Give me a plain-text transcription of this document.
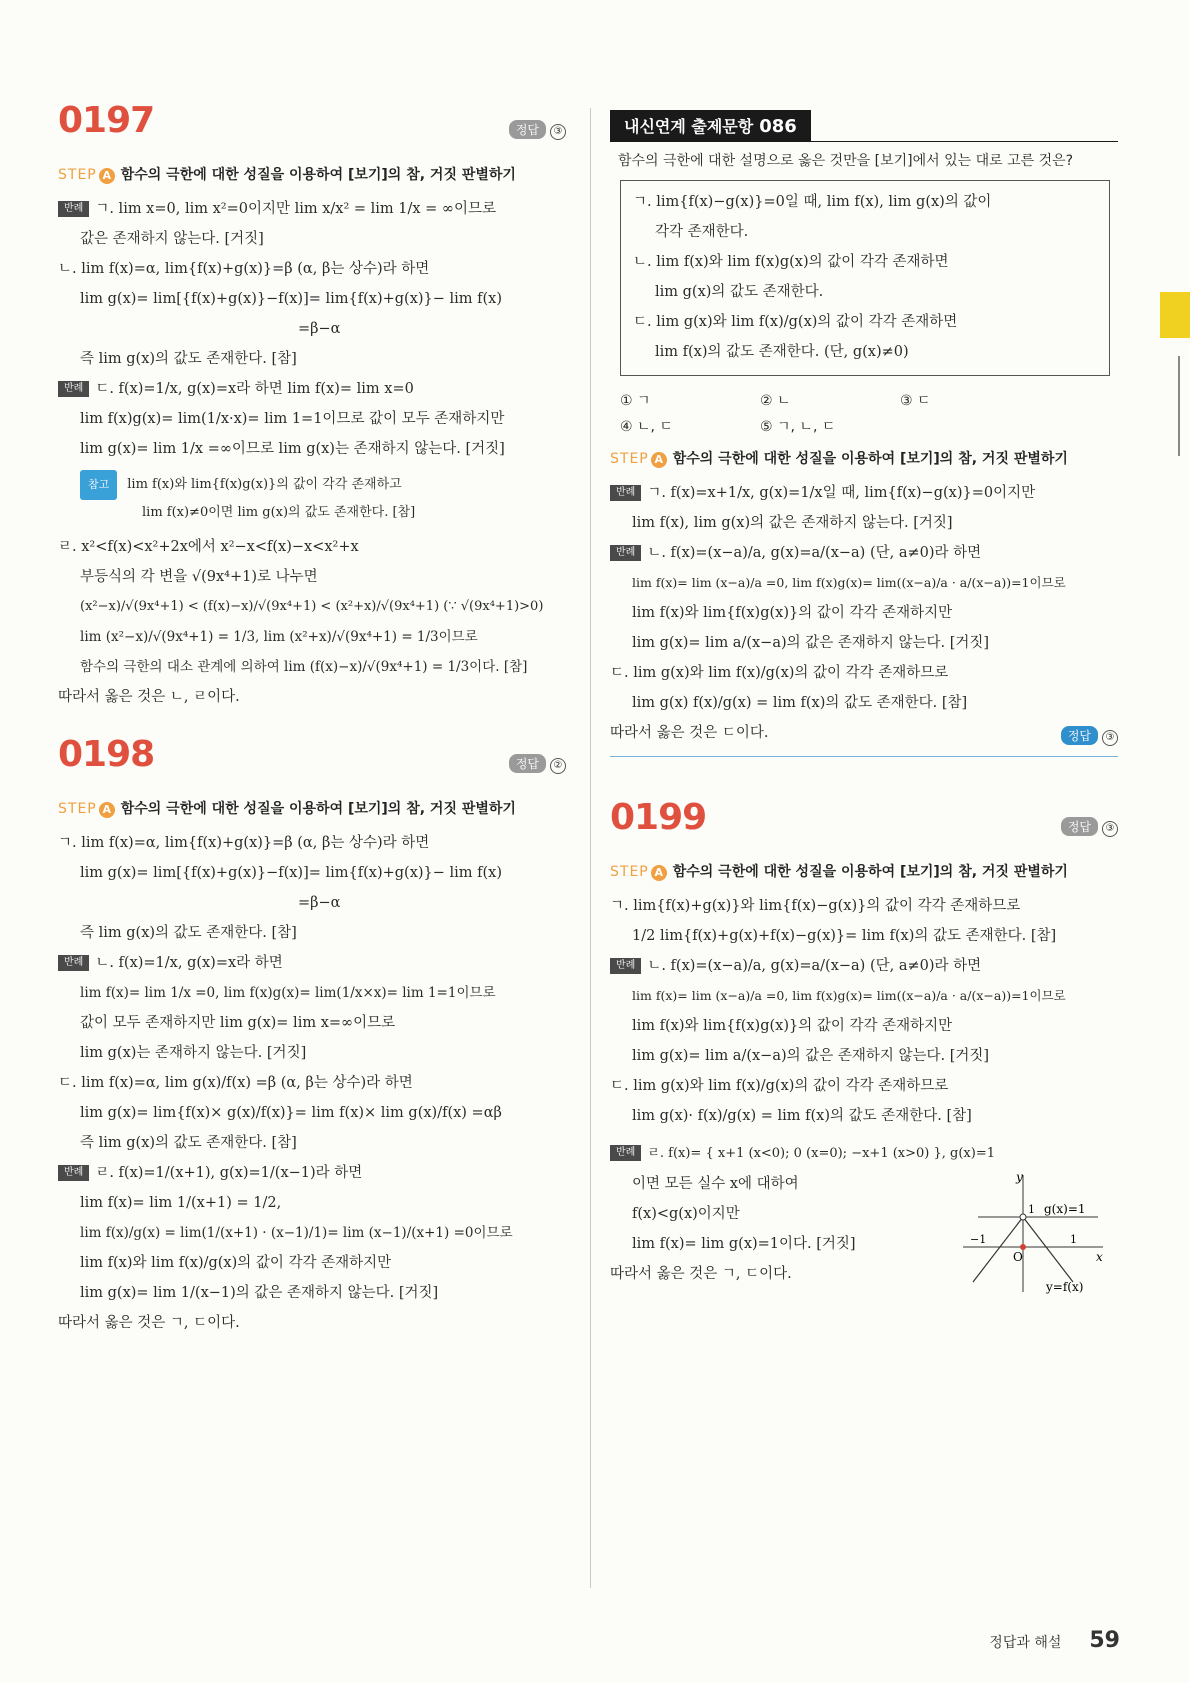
0197	정답 ③
STEP A 함수의 극한에 대한 성질을 이용하여 [보기]의 참, 거짓 판별하기
반례 ㄱ. lim x=0, lim x²=0이지만 lim x/x² = lim 1/x = ∞이므로
값은 존재하지 않는다. [거짓]
ㄴ. lim f(x)=α, lim{f(x)+g(x)}=β (α, β는 상수)라 하면
lim g(x)= lim[{f(x)+g(x)}−f(x)]= lim{f(x)+g(x)}− lim f(x)
=β−α
즉 lim g(x)의 값도 존재한다. [참]
반례 ㄷ. f(x)=1/x, g(x)=x라 하면 lim f(x)= lim x=0
lim f(x)g(x)= lim(1/x·x)= lim 1=1이므로 값이 모두 존재하지만
lim g(x)= lim 1/x =∞이므로 lim g(x)는 존재하지 않는다. [거짓]
참고 lim f(x)와 lim{f(x)g(x)}의 값이 각각 존재하고
lim f(x)≠0이면 lim g(x)의 값도 존재한다. [참]
ㄹ. x²<f(x)<x²+2x에서 x²−x<f(x)−x<x²+x
부등식의 각 변을 √(9x⁴+1)로 나누면
(x²−x)/√(9x⁴+1) < (f(x)−x)/√(9x⁴+1) < (x²+x)/√(9x⁴+1) (∵ √(9x⁴+1)>0)
lim (x²−x)/√(9x⁴+1) = 1/3, lim (x²+x)/√(9x⁴+1) = 1/3이므로
함수의 극한의 대소 관계에 의하여 lim (f(x)−x)/√(9x⁴+1) = 1/3이다. [참]
따라서 옳은 것은 ㄴ, ㄹ이다.
0198	정답 ②
STEP A 함수의 극한에 대한 성질을 이용하여 [보기]의 참, 거짓 판별하기
ㄱ. lim f(x)=α, lim{f(x)+g(x)}=β (α, β는 상수)라 하면
lim g(x)= lim[{f(x)+g(x)}−f(x)]= lim{f(x)+g(x)}− lim f(x)
=β−α
즉 lim g(x)의 값도 존재한다. [참]
반례 ㄴ. f(x)=1/x, g(x)=x라 하면
lim f(x)= lim 1/x =0, lim f(x)g(x)= lim(1/x×x)= lim 1=1이므로
값이 모두 존재하지만 lim g(x)= lim x=∞이므로
lim g(x)는 존재하지 않는다. [거짓]
ㄷ. lim f(x)=α, lim g(x)/f(x) =β (α, β는 상수)라 하면
lim g(x)= lim{f(x)× g(x)/f(x)}= lim f(x)× lim g(x)/f(x) =αβ
즉 lim g(x)의 값도 존재한다. [참]
반례 ㄹ. f(x)=1/(x+1), g(x)=1/(x−1)라 하면
lim f(x)= lim 1/(x+1) = 1/2,
lim f(x)/g(x) = lim(1/(x+1) · (x−1)/1)= lim (x−1)/(x+1) =0이므로
lim f(x)와 lim f(x)/g(x)의 값이 각각 존재하지만
lim g(x)= lim 1/(x−1)의 값은 존재하지 않는다. [거짓]
따라서 옳은 것은 ㄱ, ㄷ이다.
내신연계 출제문항 086
함수의 극한에 대한 설명으로 옳은 것만을 [보기]에서 있는 대로 고른 것은?
ㄱ. lim{f(x)−g(x)}=0일 때, lim f(x), lim g(x)의 값이
각각 존재한다.
ㄴ. lim f(x)와 lim f(x)g(x)의 값이 각각 존재하면
lim g(x)의 값도 존재한다.
ㄷ. lim g(x)와 lim f(x)/g(x)의 값이 각각 존재하면
lim f(x)의 값도 존재한다. (단, g(x)≠0)
① ㄱ	② ㄴ	③ ㄷ
④ ㄴ, ㄷ	⑤ ㄱ, ㄴ, ㄷ
STEP A 함수의 극한에 대한 성질을 이용하여 [보기]의 참, 거짓 판별하기
반례 ㄱ. f(x)=x+1/x, g(x)=1/x일 때, lim{f(x)−g(x)}=0이지만
lim f(x), lim g(x)의 값은 존재하지 않는다. [거짓]
반례 ㄴ. f(x)=(x−a)/a, g(x)=a/(x−a) (단, a≠0)라 하면
lim f(x)= lim (x−a)/a =0, lim f(x)g(x)= lim((x−a)/a · a/(x−a))=1이므로
lim f(x)와 lim{f(x)g(x)}의 값이 각각 존재하지만
lim g(x)= lim a/(x−a)의 값은 존재하지 않는다. [거짓]
ㄷ. lim g(x)와 lim f(x)/g(x)의 값이 각각 존재하므로
lim g(x) f(x)/g(x) = lim f(x)의 값도 존재한다. [참]
따라서 옳은 것은 ㄷ이다.	정답 ③
0199	정답 ③
STEP A 함수의 극한에 대한 성질을 이용하여 [보기]의 참, 거짓 판별하기
ㄱ. lim{f(x)+g(x)}와 lim{f(x)−g(x)}의 값이 각각 존재하므로
1/2 lim{f(x)+g(x)+f(x)−g(x)}= lim f(x)의 값도 존재한다. [참]
반례 ㄴ. f(x)=(x−a)/a, g(x)=a/(x−a) (단, a≠0)라 하면
lim f(x)= lim (x−a)/a =0, lim f(x)g(x)= lim((x−a)/a · a/(x−a))=1이므로
lim f(x)와 lim{f(x)g(x)}의 값이 각각 존재하지만
lim g(x)= lim a/(x−a)의 값은 존재하지 않는다. [거짓]
ㄷ. lim g(x)와 lim f(x)/g(x)의 값이 각각 존재하므로
lim g(x)· f(x)/g(x) = lim f(x)의 값도 존재한다. [참]
반례 ㄹ. f(x)= { x+1 (x<0); 0 (x=0); −x+1 (x>0) }, g(x)=1
이면 모든 실수 x에 대하여
f(x)<g(x)이지만
lim f(x)= lim g(x)=1이다. [거짓]
따라서 옳은 것은 ㄱ, ㄷ이다.
y
x
O
1
−1
1 g(x)=1
y=f(x)
정답과 해설 59
